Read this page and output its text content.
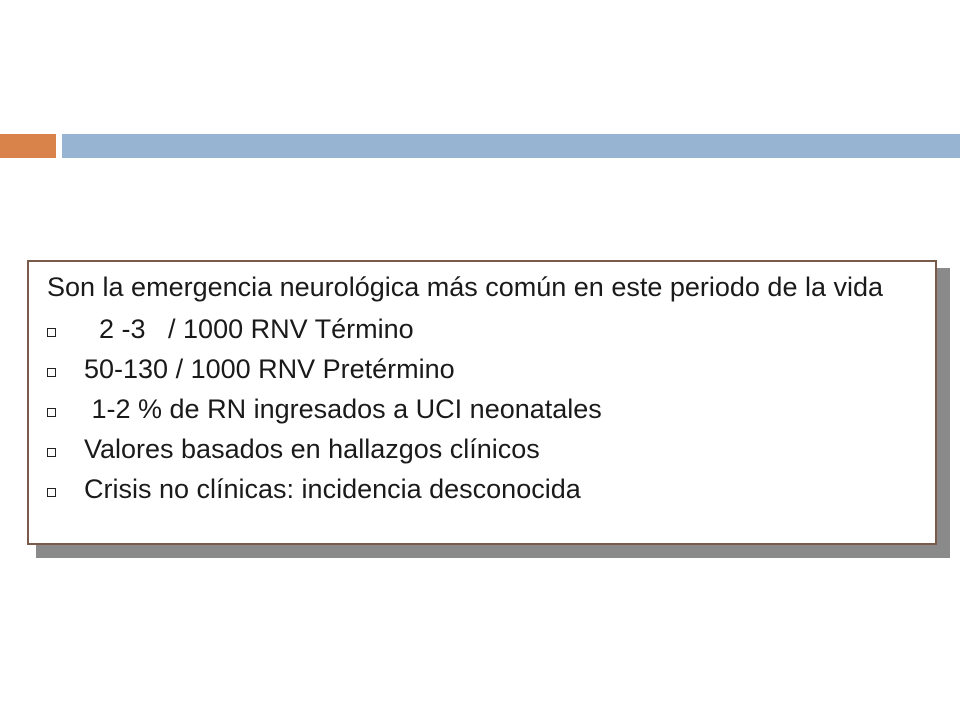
Son la emergencia neurológica más común en este periodo de la vida

2 -3   / 1000 RNV Término
50-130 / 1000 RNV Pretérmino
1-2 % de RN ingresados a UCI neonatales
Valores basados en hallazgos clínicos
Crisis no clínicas: incidencia desconocida
